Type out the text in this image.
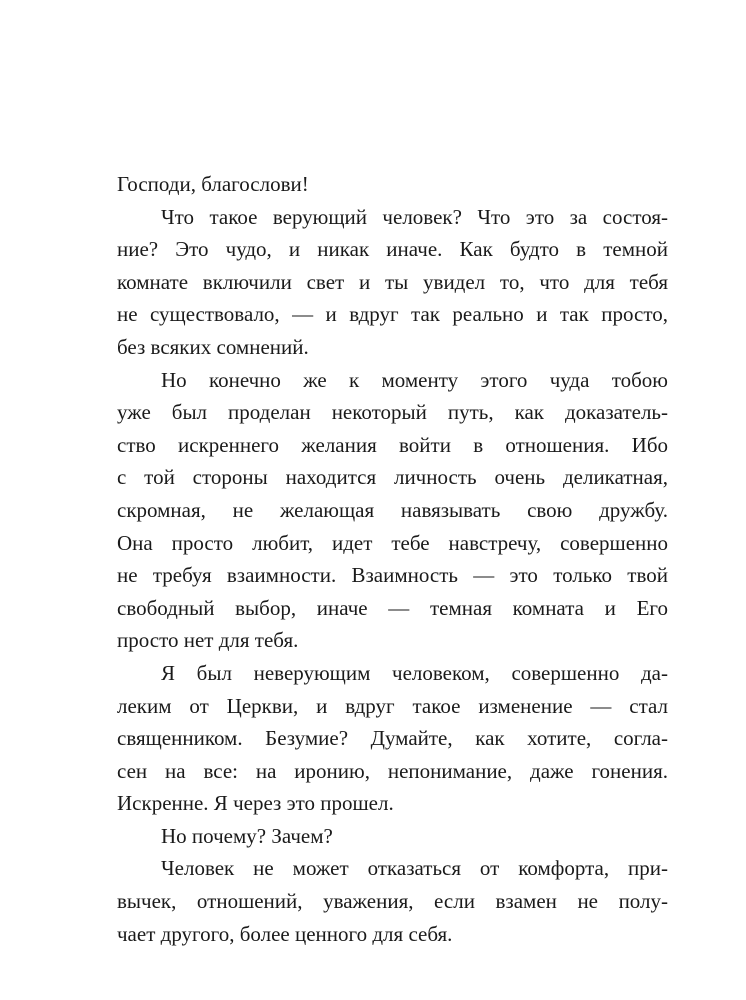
Господи, благослови!
Что такое верующий человек? Что это за состоя-
ние? Это чудо, и никак иначе. Как будто в темной
комнате включили свет и ты увидел то, что для тебя
не существовало, — и вдруг так реально и так просто,
без всяких сомнений.
Но конечно же к моменту этого чуда тобою
уже был проделан некоторый путь, как доказатель-
ство искреннего желания войти в отношения. Ибо
с той стороны находится личность очень деликатная,
скромная, не желающая навязывать свою дружбу.
Она просто любит, идет тебе навстречу, совершенно
не требуя взаимности. Взаимность — это только твой
свободный выбор, иначе — темная комната и Его
просто нет для тебя.
Я был неверующим человеком, совершенно да-
леким от Церкви, и вдруг такое изменение — стал
священником. Безумие? Думайте, как хотите, согла-
сен на все: на иронию, непонимание, даже гонения.
Искренне. Я через это прошел.
Но почему? Зачем?
Человек не может отказаться от комфорта, при-
вычек, отношений, уважения, если взамен не полу-
чает другого, более ценного для себя.
